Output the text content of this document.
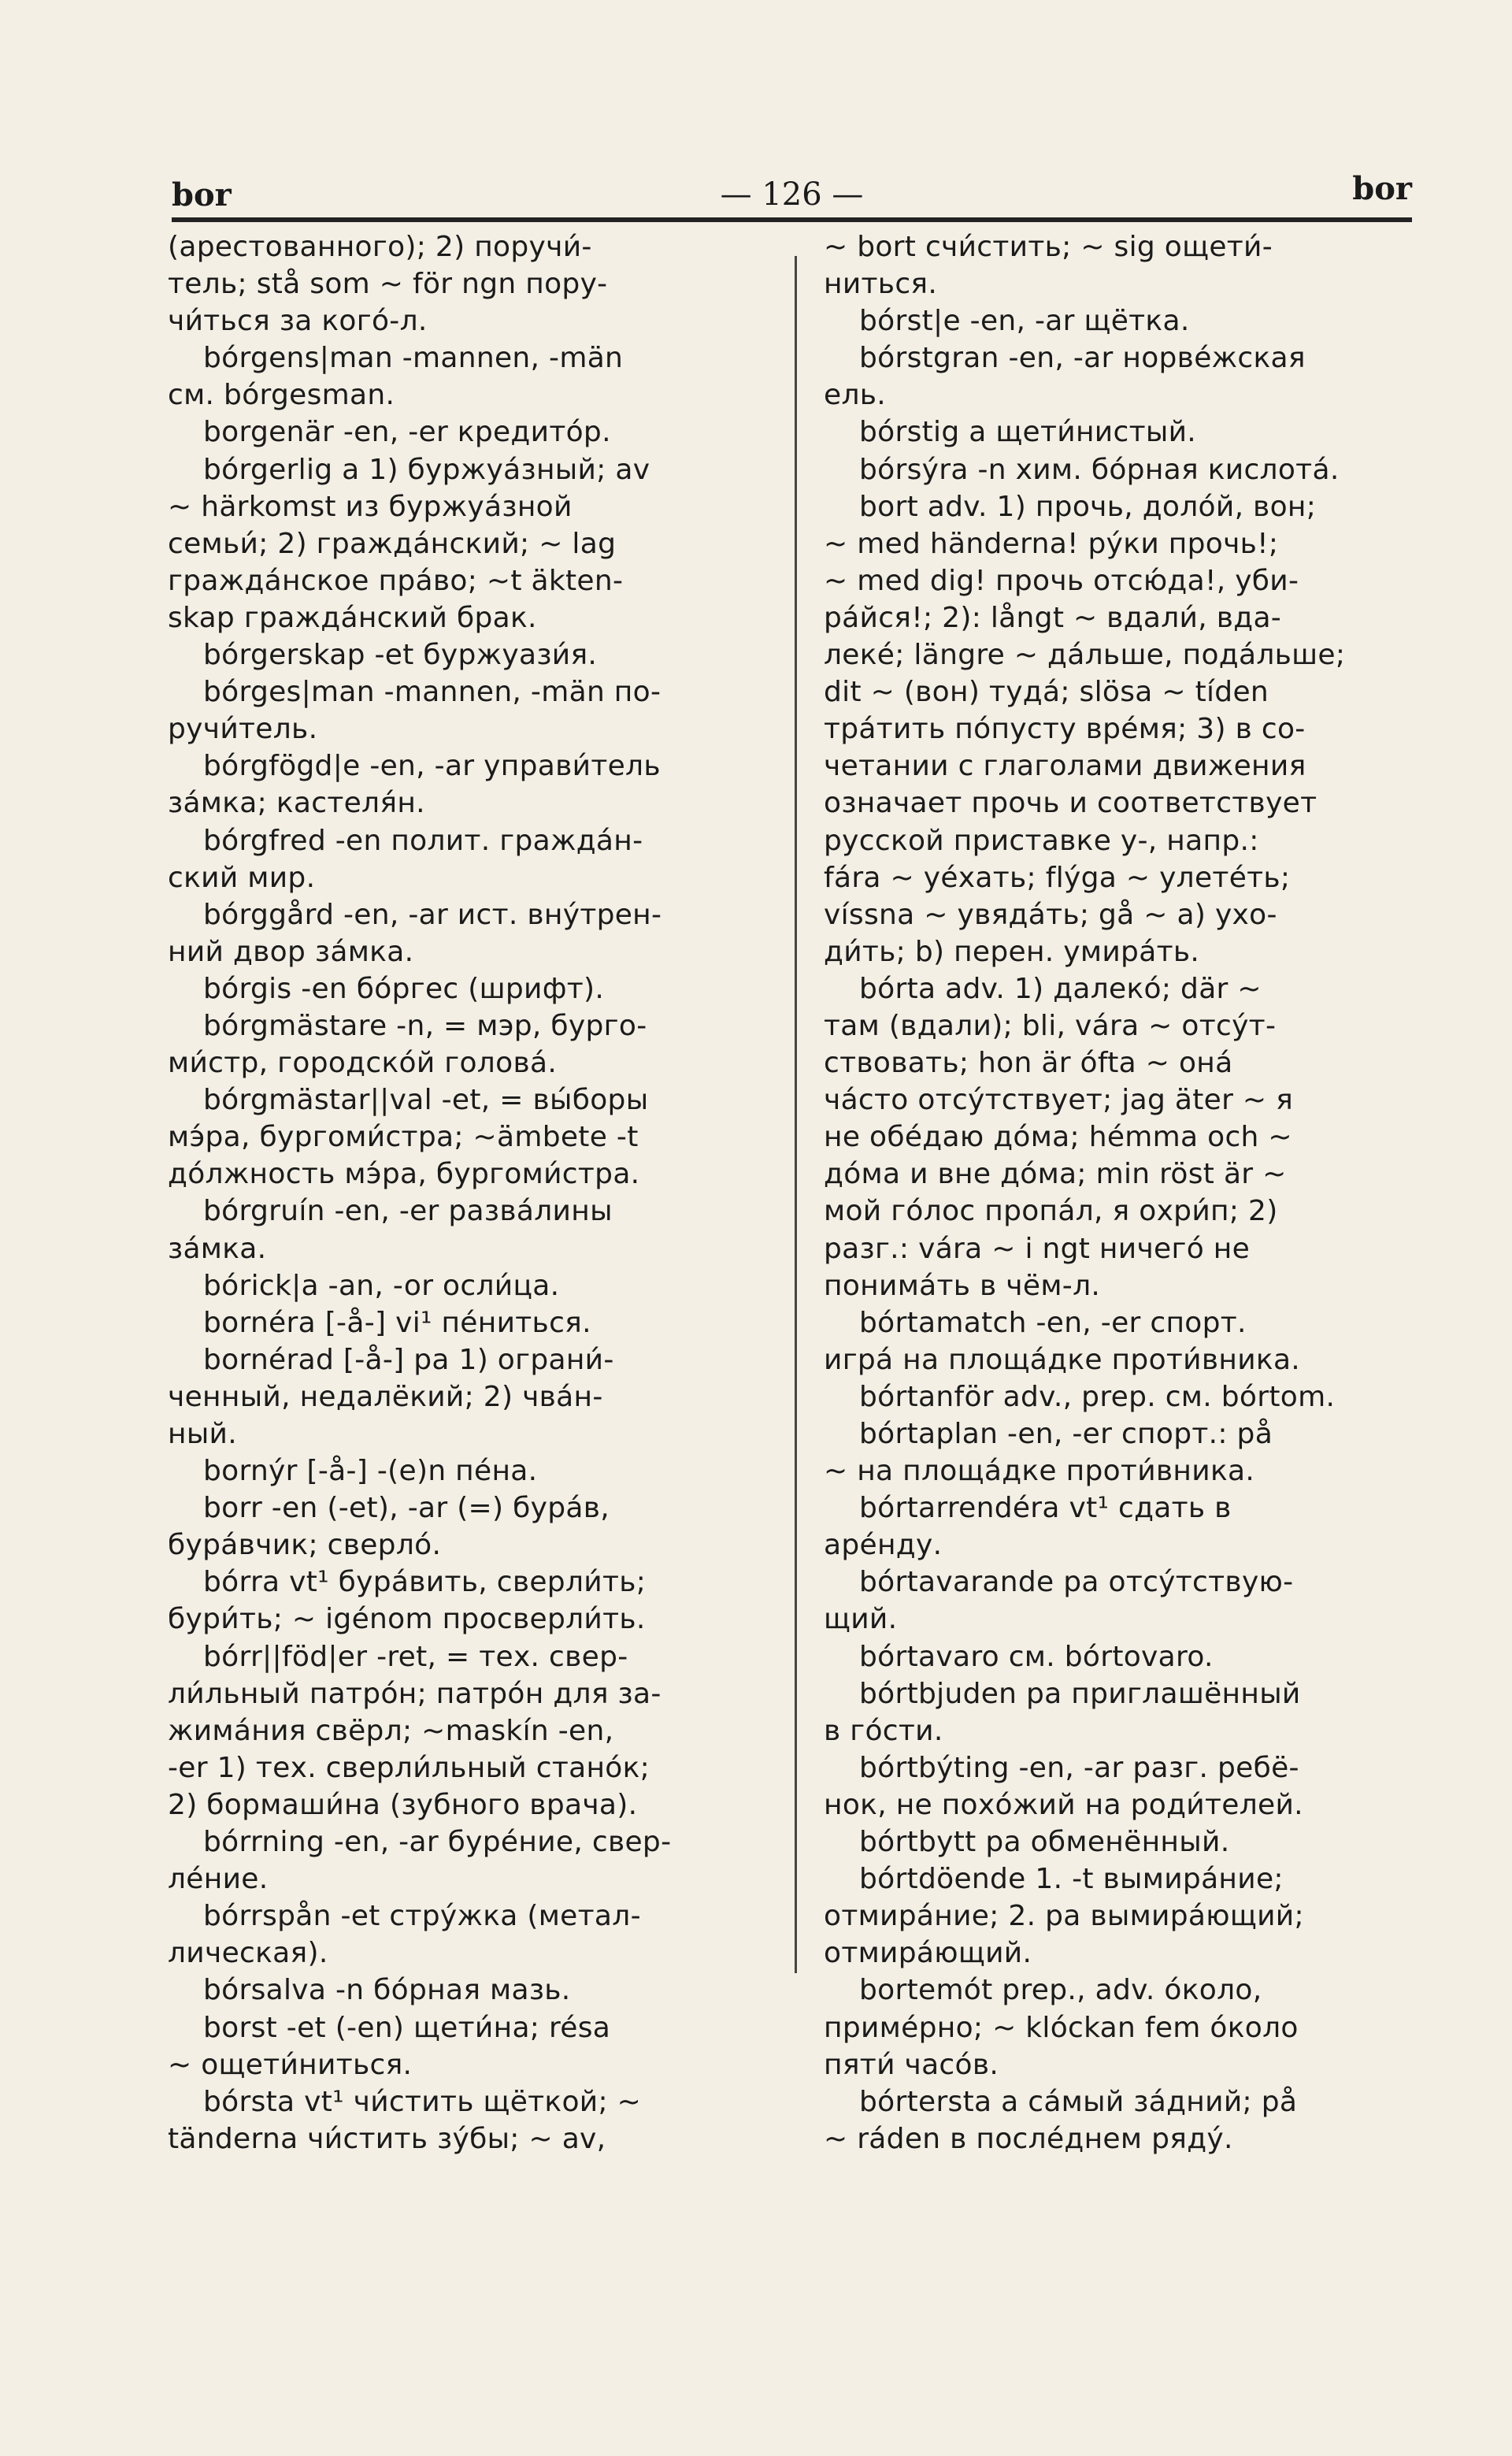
bor	— 126 —	bor
(арестованного); 2) поручи́-
тель; stå som ~ för ngn пору-
чи́ться за кого́-л.
bórgens|man -mannen, -män
см. bórgesman.
borgenär -en, -er кредито́р.
bórgerlig a 1) буржуа́зный; av
~ härkomst из буржуа́зной
семьи́; 2) гражда́нский; ~ lag
гражда́нское пра́во; ~t äkten-
skap гражда́нский брак.
bórgerskap -et буржуази́я.
bórges|man -mannen, -män по-
ручи́тель.
bórgfögd|e -en, -ar управи́тель
за́мка; кастеля́н.
bórgfred -en полит. гражда́н-
ский мир.
bórggård -en, -ar ист. вну́трен-
ний двор за́мка.
bórgis -en бо́ргес (шрифт).
bórgmästare -n, = мэр, бурго-
ми́стр, городско́й голова́.
bórgmästar||val -et, = вы́боры
мэ́ра, бургоми́стра; ~ämbete -t
до́лжность мэ́ра, бургоми́стра.
bórgruín -en, -er разва́лины
за́мка.
bórick|a -an, -or осли́ца.
bornéra [-å-] vi¹ пе́ниться.
bornérad [-å-] pa 1) ограни́-
ченный, недалёкий; 2) чва́н-
ный.
bornýr [-å-] -(e)n пе́на.
borr -en (-et), -ar (=) бура́в,
бура́вчик; сверло́.
bórra vt¹ бура́вить, сверли́ть;
бури́ть; ~ igénom просверли́ть.
bórr||föd|er -ret, = тех. свер-
ли́льный патро́н; патро́н для за-
жима́ния свёрл; ~maskín -en,
-er 1) тех. сверли́льный стано́к;
2) бормаши́на (зубного врача).
bórrning -en, -ar буре́ние, свер-
ле́ние.
bórrspån -et стру́жка (метал-
лическая).
bórsalva -n бо́рная мазь.
borst -et (-en) щети́на; résa
~ ощети́ниться.
bórsta vt¹ чи́стить щёткой; ~
tänderna чи́стить зу́бы; ~ av,
~ bort счи́стить; ~ sig ощети́-
ниться.
bórst|e -en, -ar щётка.
bórstgran -en, -ar норве́жская
ель.
bórstig a щети́нистый.
bórsýra -n хим. бо́рная кислота́.
bort adv. 1) прочь, доло́й, вон;
~ med händerna! ру́ки прочь!;
~ med dig! прочь отсю́да!, уби-
ра́йся!; 2): långt ~ вдали́, вда-
леке́; längre ~ да́льше, пода́льше;
dit ~ (вон) туда́; slösa ~ tíden
тра́тить по́пусту вре́мя; 3) в со-
четании с глаголами движения
означает прочь и соответствует
русской приставке у-, напр.:
fára ~ уе́хать; flýga ~ улете́ть;
víssna ~ увяда́ть; gå ~ a) ухо-
ди́ть; b) перен. умира́ть.
bórta adv. 1) далеко́; där ~
там (вдали); bli, vára ~ отсу́т-
ствовать; hon är ófta ~ она́
ча́сто отсу́тствует; jag äter ~ я
не обе́даю до́ма; hémma och ~
до́ма и вне до́ма; min röst är ~
мой го́лос пропа́л, я охри́п; 2)
разг.: vára ~ i ngt ничего́ не
понима́ть в чём-л.
bórtamatch -en, -er спорт.
игра́ на площа́дке проти́вника.
bórtanför adv., prep. см. bórtom.
bórtaplan -en, -er спорт.: på
~ на площа́дке проти́вника.
bórtarrendéra vt¹ сдать в
аре́нду.
bórtavarande pa отсу́тствую-
щий.
bórtavaro см. bórtovaro.
bórtbjuden pa приглашённый
в го́сти.
bórtbýting -en, -ar разг. ребё-
нок, не похо́жий на роди́телей.
bórtbytt pa обменённый.
bórtdöende 1. -t вымира́ние;
отмира́ние; 2. pa вымира́ющий;
отмира́ющий.
bortemót prep., adv. о́коло,
приме́рно; ~ klóckan fem о́коло
пяти́ часо́в.
bórtersta a са́мый за́дний; på
~ ráden в после́днем ряду́.
